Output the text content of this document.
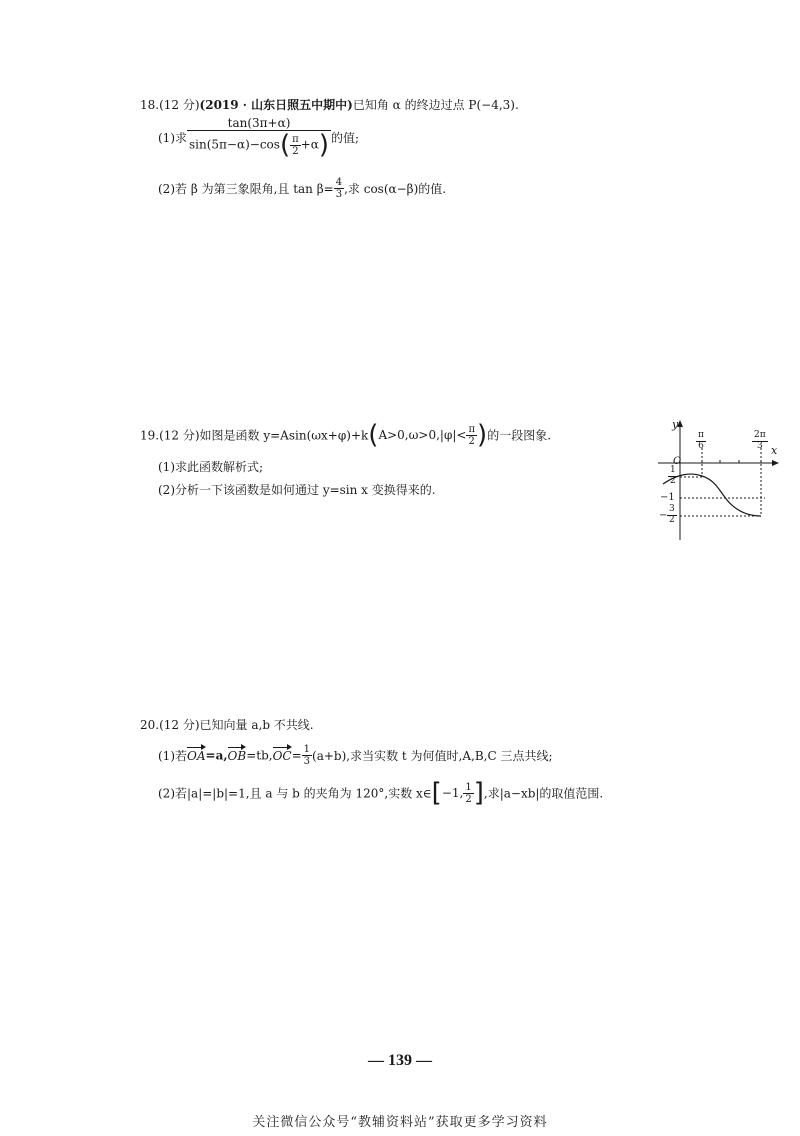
18.(12 分)(2019 · 山东日照五中期中)已知角 α 的终边过点 P(−4,3).
(1)求 $\frac{\tan(3\pi+\alpha)}{\sin(5\pi-\alpha)-\cos( \frac{\pi}{2} +\alpha)}$ 的值;
(2)若 β 为第三象限角,且 $\tan \beta= \frac{4}{3}$ ,求 cos(α−β)的值.
19.(12 分)如图是函数 $y=Asin(\omega x+\varphi)+k(A>0,\omega>0,|\varphi|< \frac{\pi}{2}$ )的一段图象.
(1)求此函数解析式;
(2)分析一下该函数是如何通过 y=sin x 变换得来的.
y
x
O
$\frac{\pi}{6}$	$\frac{2\pi}{3}$
$\frac{1}{2}$
−1
− $\frac{3}{2}$
20.(12 分)已知向量 a,b 不共线.
(1)若$OA=a,OB=tb,OC= \frac{1}{3} (a+b)$,求当实数 t 为何值时,A,B,C 三点共线;
(2)若|a|=|b|=1,且 a 与 b 的夹角为 120°,实数 x∈[−1, $\frac{1}{2}$ ],求|a−xb|的取值范围.
— 139 —
关注微信公众号“教辅资料站”获取更多学习资料
